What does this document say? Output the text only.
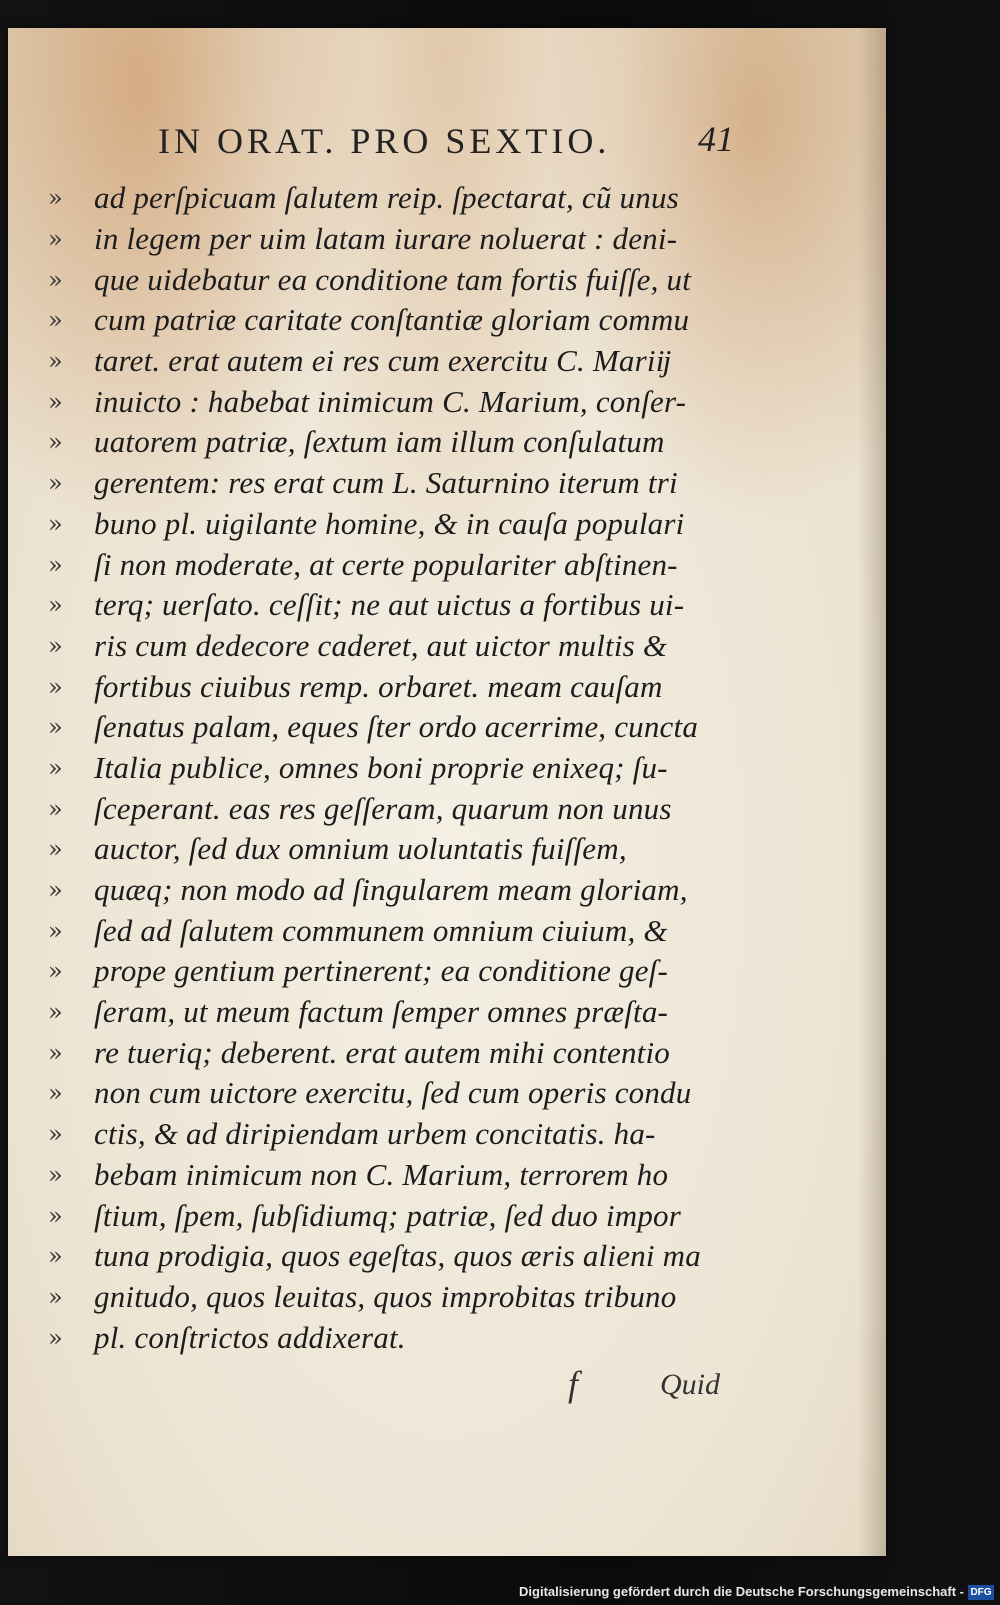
IN ORAT. PRO SEXTIO. 41
»	ad perſpicuam ſalutem reip. ſpectarat, cũ unus
»	in legem per uim latam iurare noluerat : deni-
»	que uidebatur ea conditione tam fortis fuiſſe, ut
»	cum patriæ caritate conſtantiæ gloriam commu
»	taret. erat autem ei res cum exercitu C. Mariĳ
»	inuicto : habebat inimicum C. Marium, conſer-
»	uatorem patriæ, ſextum iam illum conſulatum
»	gerentem: res erat cum L. Saturnino iterum tri
»	buno pl. uigilante homine, & in cauſa populari
»	ſi non moderate, at certe populariter abſtinen-
»	terq; uerſato. ceſſit; ne aut uictus a fortibus ui-
»	ris cum dedecore caderet, aut uictor multis &
»	fortibus ciuibus remp. orbaret. meam cauſam
»	ſenatus palam, eques ſter ordo acerrime, cuncta
»	Italia publice, omnes boni proprie enixeq; ſu-
»	ſceperant. eas res geſſeram, quarum non unus
»	auctor, ſed dux omnium uoluntatis fuiſſem,
»	quæq; non modo ad ſingularem meam gloriam,
»	ſed ad ſalutem communem omnium ciuium, &
»	prope gentium pertinerent; ea conditione geſ-
»	ſeram, ut meum factum ſemper omnes præſta-
»	re tueriq; deberent. erat autem mihi contentio
»	non cum uictore exercitu, ſed cum operis condu
»	ctis, & ad diripiendam urbem concitatis. ha-
»	bebam inimicum non C. Marium, terrorem ho
»	ſtium, ſpem, ſubſidiumq; patriæ, ſed duo impor
»	tuna prodigia, quos egeſtas, quos æris alieni ma
»	gnitudo, quos leuitas, quos improbitas tribuno
»	pl. conſtrictos addixerat.
f	Quid
Digitalisierung gefördert durch die Deutsche Forschungsgemeinschaft - DFG
